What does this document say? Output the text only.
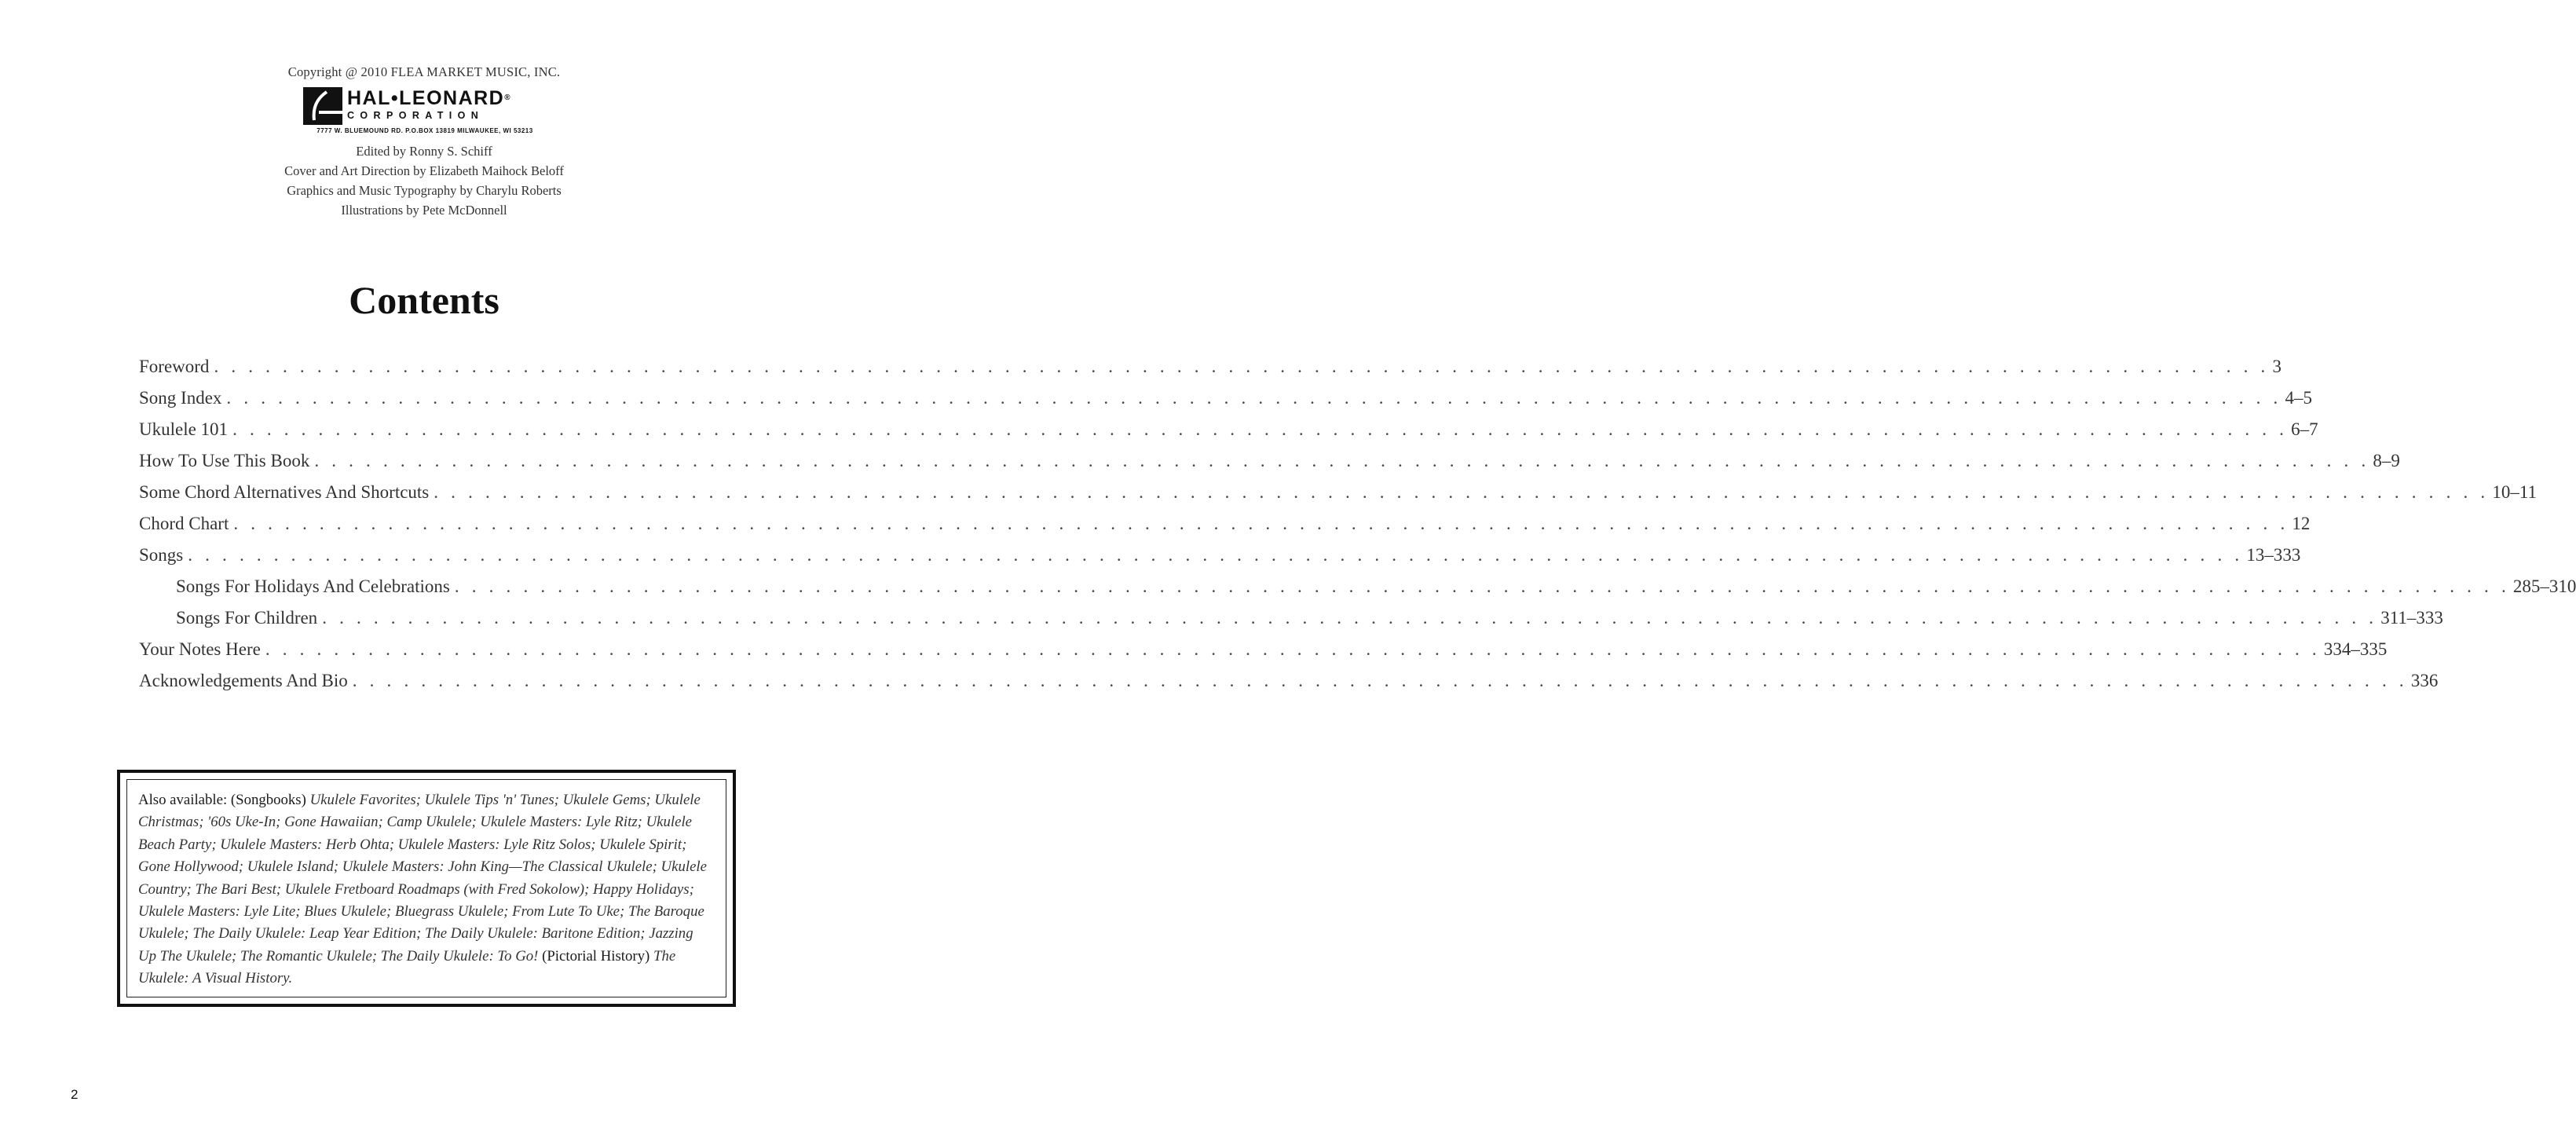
Copyright @ 2010 FLEA MARKET MUSIC, INC.
HAL•LEONARD®
CORPORATION
7777 W. BLUEMOUND RD. P.O.BOX 13819 MILWAUKEE, WI 53213
Edited by Ronny S. Schiff
Cover and Art Direction by Elizabeth Maihock Beloff
Graphics and Music Typography by Charylu Roberts
Illustrations by Pete McDonnell
Contents
Foreword . . . . . . . . . . . . . . . . . . . . . . . . . . . . . . . . . . . . . . . . . . . . . . . . . . . . . . . . . . . . . . . . . . . . . . . . . . . . . . . . . . . . . . . . . . . . . . . . . . . . . . . . . . . . . . . . . . . . . . . . 3
Song Index . . . . . . . . . . . . . . . . . . . . . . . . . . . . . . . . . . . . . . . . . . . . . . . . . . . . . . . . . . . . . . . . . . . . . . . . . . . . . . . . . . . . . . . . . . . . . . . . . . . . . . . . . . . . . . . . . . . . . . . . 4–5
Ukulele 101 . . . . . . . . . . . . . . . . . . . . . . . . . . . . . . . . . . . . . . . . . . . . . . . . . . . . . . . . . . . . . . . . . . . . . . . . . . . . . . . . . . . . . . . . . . . . . . . . . . . . . . . . . . . . . . . . . . . . . . . . 6–7
How To Use This Book . . . . . . . . . . . . . . . . . . . . . . . . . . . . . . . . . . . . . . . . . . . . . . . . . . . . . . . . . . . . . . . . . . . . . . . . . . . . . . . . . . . . . . . . . . . . . . . . . . . . . . . . . . . . . . . . . . . . . . . . 8–9
Some Chord Alternatives And Shortcuts . . . . . . . . . . . . . . . . . . . . . . . . . . . . . . . . . . . . . . . . . . . . . . . . . . . . . . . . . . . . . . . . . . . . . . . . . . . . . . . . . . . . . . . . . . . . . . . . . . . . . . . . . . . . . . . . . . . . . . . . 10–11
Chord Chart . . . . . . . . . . . . . . . . . . . . . . . . . . . . . . . . . . . . . . . . . . . . . . . . . . . . . . . . . . . . . . . . . . . . . . . . . . . . . . . . . . . . . . . . . . . . . . . . . . . . . . . . . . . . . . . . . . . . . . . . 12
Songs . . . . . . . . . . . . . . . . . . . . . . . . . . . . . . . . . . . . . . . . . . . . . . . . . . . . . . . . . . . . . . . . . . . . . . . . . . . . . . . . . . . . . . . . . . . . . . . . . . . . . . . . . . . . . . . . . . . . . . . . 13–333
Songs For Holidays And Celebrations . . . . . . . . . . . . . . . . . . . . . . . . . . . . . . . . . . . . . . . . . . . . . . . . . . . . . . . . . . . . . . . . . . . . . . . . . . . . . . . . . . . . . . . . . . . . . . . . . . . . . . . . . . . . . . . . . . . . . . . . 285–310
Songs For Children . . . . . . . . . . . . . . . . . . . . . . . . . . . . . . . . . . . . . . . . . . . . . . . . . . . . . . . . . . . . . . . . . . . . . . . . . . . . . . . . . . . . . . . . . . . . . . . . . . . . . . . . . . . . . . . . . . . . . . . . 311–333
Your Notes Here . . . . . . . . . . . . . . . . . . . . . . . . . . . . . . . . . . . . . . . . . . . . . . . . . . . . . . . . . . . . . . . . . . . . . . . . . . . . . . . . . . . . . . . . . . . . . . . . . . . . . . . . . . . . . . . . . . . . . . . . 334–335
Acknowledgements And Bio . . . . . . . . . . . . . . . . . . . . . . . . . . . . . . . . . . . . . . . . . . . . . . . . . . . . . . . . . . . . . . . . . . . . . . . . . . . . . . . . . . . . . . . . . . . . . . . . . . . . . . . . . . . . . . . . . . . . . . . . 336

Also available: (Songbooks) Ukulele Favorites; Ukulele Tips 'n' Tunes; Ukulele Gems; Ukulele Christmas; '60s Uke-In; Gone Hawaiian; Camp Ukulele; Ukulele Masters: Lyle Ritz; Ukulele Beach Party; Ukulele Masters: Herb Ohta; Ukulele Masters: Lyle Ritz Solos; Ukulele Spirit; Gone Hollywood; Ukulele Island; Ukulele Masters: John King—The Classical Ukulele; Ukulele Country; The Bari Best; Ukulele Fretboard Roadmaps (with Fred Sokolow); Happy Holidays; Ukulele Masters: Lyle Lite; Blues Ukulele; Bluegrass Ukulele; From Lute To Uke; The Baroque Ukulele; The Daily Ukulele: Leap Year Edition; The Daily Ukulele: Baritone Edition; Jazzing Up The Ukulele; The Romantic Ukulele; The Daily Ukulele: To Go! (Pictorial History) The Ukulele: A Visual History.

2
